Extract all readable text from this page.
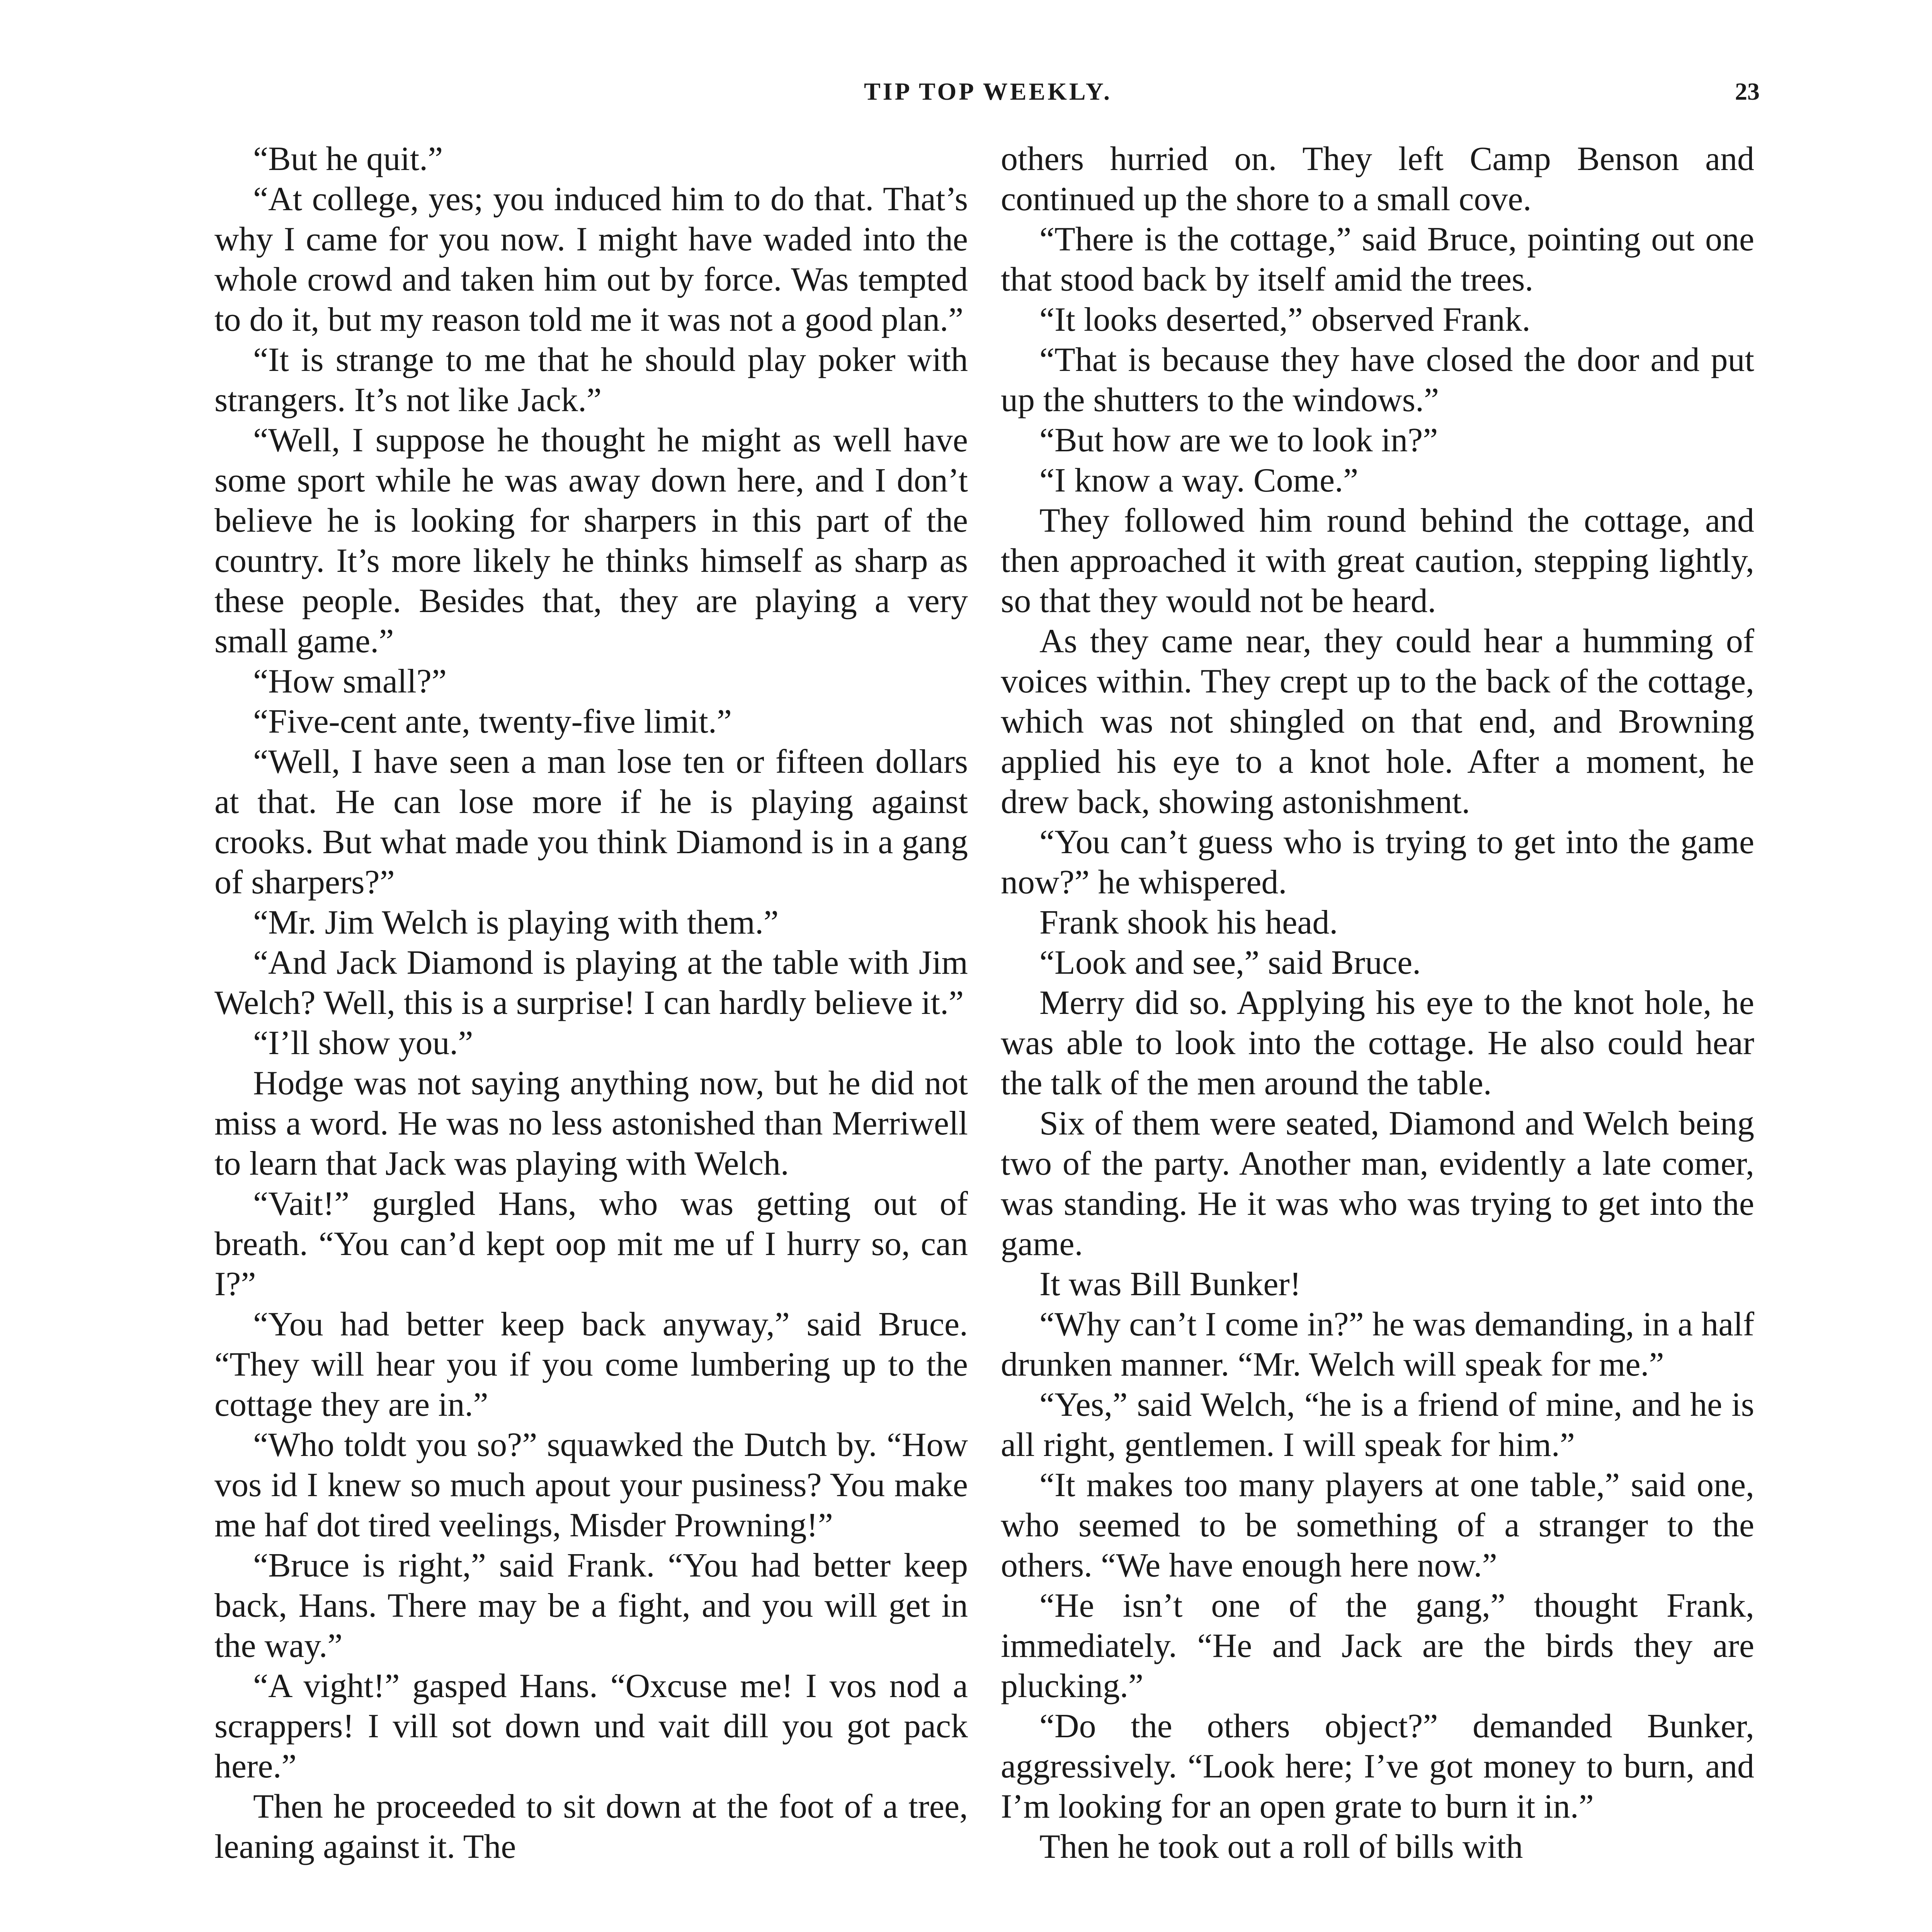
TIP TOP WEEKLY.	23

“But he quit.”

“At college, yes; you induced him to do that. That’s why I came for you now. I might have waded into the whole crowd and taken him out by force. Was tempted to do it, but my reason told me it was not a good plan.”

“It is strange to me that he should play poker with strangers. It’s not like Jack.”

“Well, I suppose he thought he might as well have some sport while he was away down here, and I don’t believe he is looking for sharpers in this part of the country. It’s more likely he thinks himself as sharp as these people. Besides that, they are playing a very small game.”

“How small?”

“Five-cent ante, twenty-five limit.”

“Well, I have seen a man lose ten or fifteen dollars at that. He can lose more if he is playing against crooks. But what made you think Diamond is in a gang of sharpers?”

“Mr. Jim Welch is playing with them.”

“And Jack Diamond is playing at the table with Jim Welch? Well, this is a surprise! I can hardly believe it.”

“I’ll show you.”

Hodge was not saying anything now, but he did not miss a word. He was no less astonished than Merriwell to learn that Jack was playing with Welch.

“Vait!” gurgled Hans, who was getting out of breath. “You can’d kept oop mit me uf I hurry so, can I?”

“You had better keep back anyway,” said Bruce. “They will hear you if you come lumbering up to the cottage they are in.”

“Who toldt you so?” squawked the Dutch by. “How vos id I knew so much apout your pusiness? You make me haf dot tired veelings, Misder Prowning!”

“Bruce is right,” said Frank. “You had better keep back, Hans. There may be a fight, and you will get in the way.”

“A vight!” gasped Hans. “Oxcuse me! I vos nod a scrappers! I vill sot down und vait dill you got pack here.”

Then he proceeded to sit down at the foot of a tree, leaning against it. The

others hurried on. They left Camp Benson and continued up the shore to a small cove.

“There is the cottage,” said Bruce, pointing out one that stood back by itself amid the trees.

“It looks deserted,” observed Frank.

“That is because they have closed the door and put up the shutters to the windows.”

“But how are we to look in?”

“I know a way. Come.”

They followed him round behind the cottage, and then approached it with great caution, stepping lightly, so that they would not be heard.

As they came near, they could hear a humming of voices within. They crept up to the back of the cottage, which was not shingled on that end, and Browning applied his eye to a knot hole. After a moment, he drew back, showing astonishment.

“You can’t guess who is trying to get into the game now?” he whispered.

Frank shook his head.

“Look and see,” said Bruce.

Merry did so. Applying his eye to the knot hole, he was able to look into the cottage. He also could hear the talk of the men around the table.

Six of them were seated, Diamond and Welch being two of the party. Another man, evidently a late comer, was standing. He it was who was trying to get into the game.

It was Bill Bunker!

“Why can’t I come in?” he was demanding, in a half drunken manner. “Mr. Welch will speak for me.”

“Yes,” said Welch, “he is a friend of mine, and he is all right, gentlemen. I will speak for him.”

“It makes too many players at one table,” said one, who seemed to be something of a stranger to the others. “We have enough here now.”

“He isn’t one of the gang,” thought Frank, immediately. “He and Jack are the birds they are plucking.”

“Do the others object?” demanded Bunker, aggressively. “Look here; I’ve got money to burn, and I’m looking for an open grate to burn it in.”

Then he took out a roll of bills with
